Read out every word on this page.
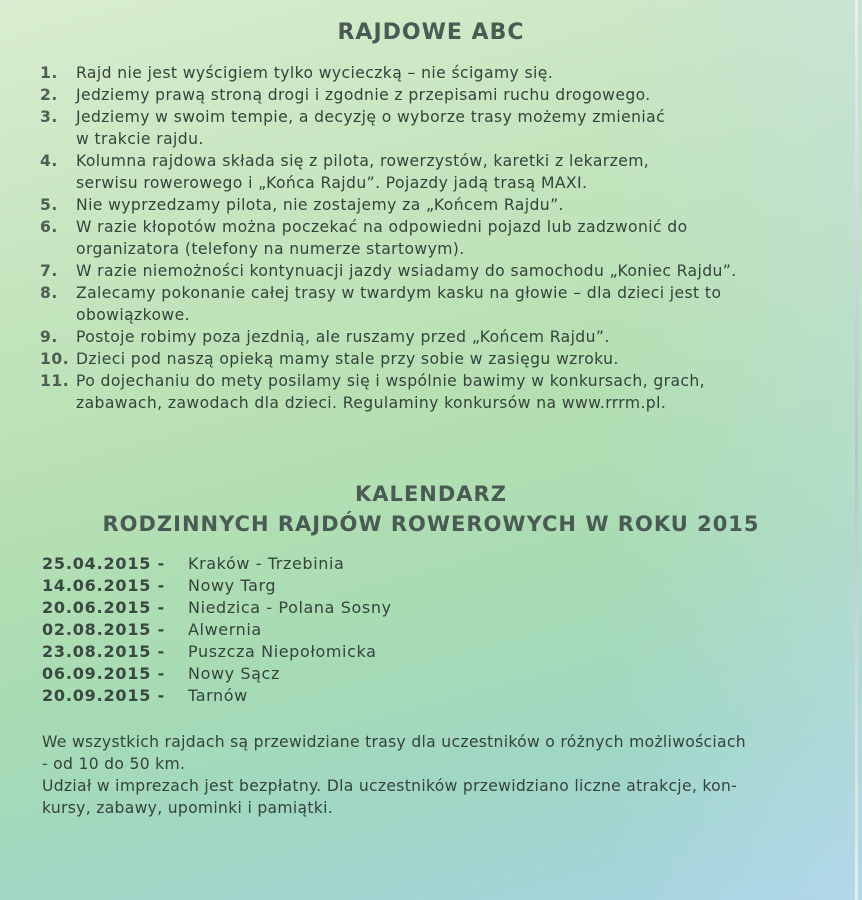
RAJDOWE ABC
1.	Rajd nie jest wyścigiem tylko wycieczką – nie ścigamy się.
2.	Jedziemy prawą stroną drogi i zgodnie z przepisami ruchu drogowego.
3.	Jedziemy w swoim tempie, a decyzję o wyborze trasy możemy zmieniać
w trakcie rajdu.
4.	Kolumna rajdowa składa się z pilota, rowerzystów, karetki z lekarzem,
serwisu rowerowego i „Końca Rajdu”. Pojazdy jadą trasą MAXI.
5.	Nie wyprzedzamy pilota, nie zostajemy za „Końcem Rajdu”.
6.	W razie kłopotów można poczekać na odpowiedni pojazd lub zadzwonić do
organizatora (telefony na numerze startowym).
7.	W razie niemożności kontynuacji jazdy wsiadamy do samochodu „Koniec Rajdu”.
8.	Zalecamy pokonanie całej trasy w twardym kasku na głowie – dla dzieci jest to
obowiązkowe.
9.	Postoje robimy poza jezdnią, ale ruszamy przed „Końcem Rajdu”.
10. Dzieci pod naszą opieką mamy stale przy sobie w zasięgu wzroku.
11. Po dojechaniu do mety posilamy się i wspólnie bawimy w konkursach, grach,
zabawach, zawodach dla dzieci. Regulaminy konkursów na www.rrrm.pl.
KALENDARZ
RODZINNYCH RAJDÓW ROWEROWYCH W ROKU 2015
25.04.2015 -	Kraków - Trzebinia
14.06.2015 -	Nowy Targ
20.06.2015 -	Niedzica - Polana Sosny
02.08.2015 -	Alwernia
23.08.2015 -	Puszcza Niepołomicka
06.09.2015 -	Nowy Sącz
20.09.2015 -	Tarnów
We wszystkich rajdach są przewidziane trasy dla uczestników o różnych możliwościach
- od 10 do 50 km.
Udział w imprezach jest bezpłatny. Dla uczestników przewidziano liczne atrakcje, kon-
kursy, zabawy, upominki i pamiątki.
